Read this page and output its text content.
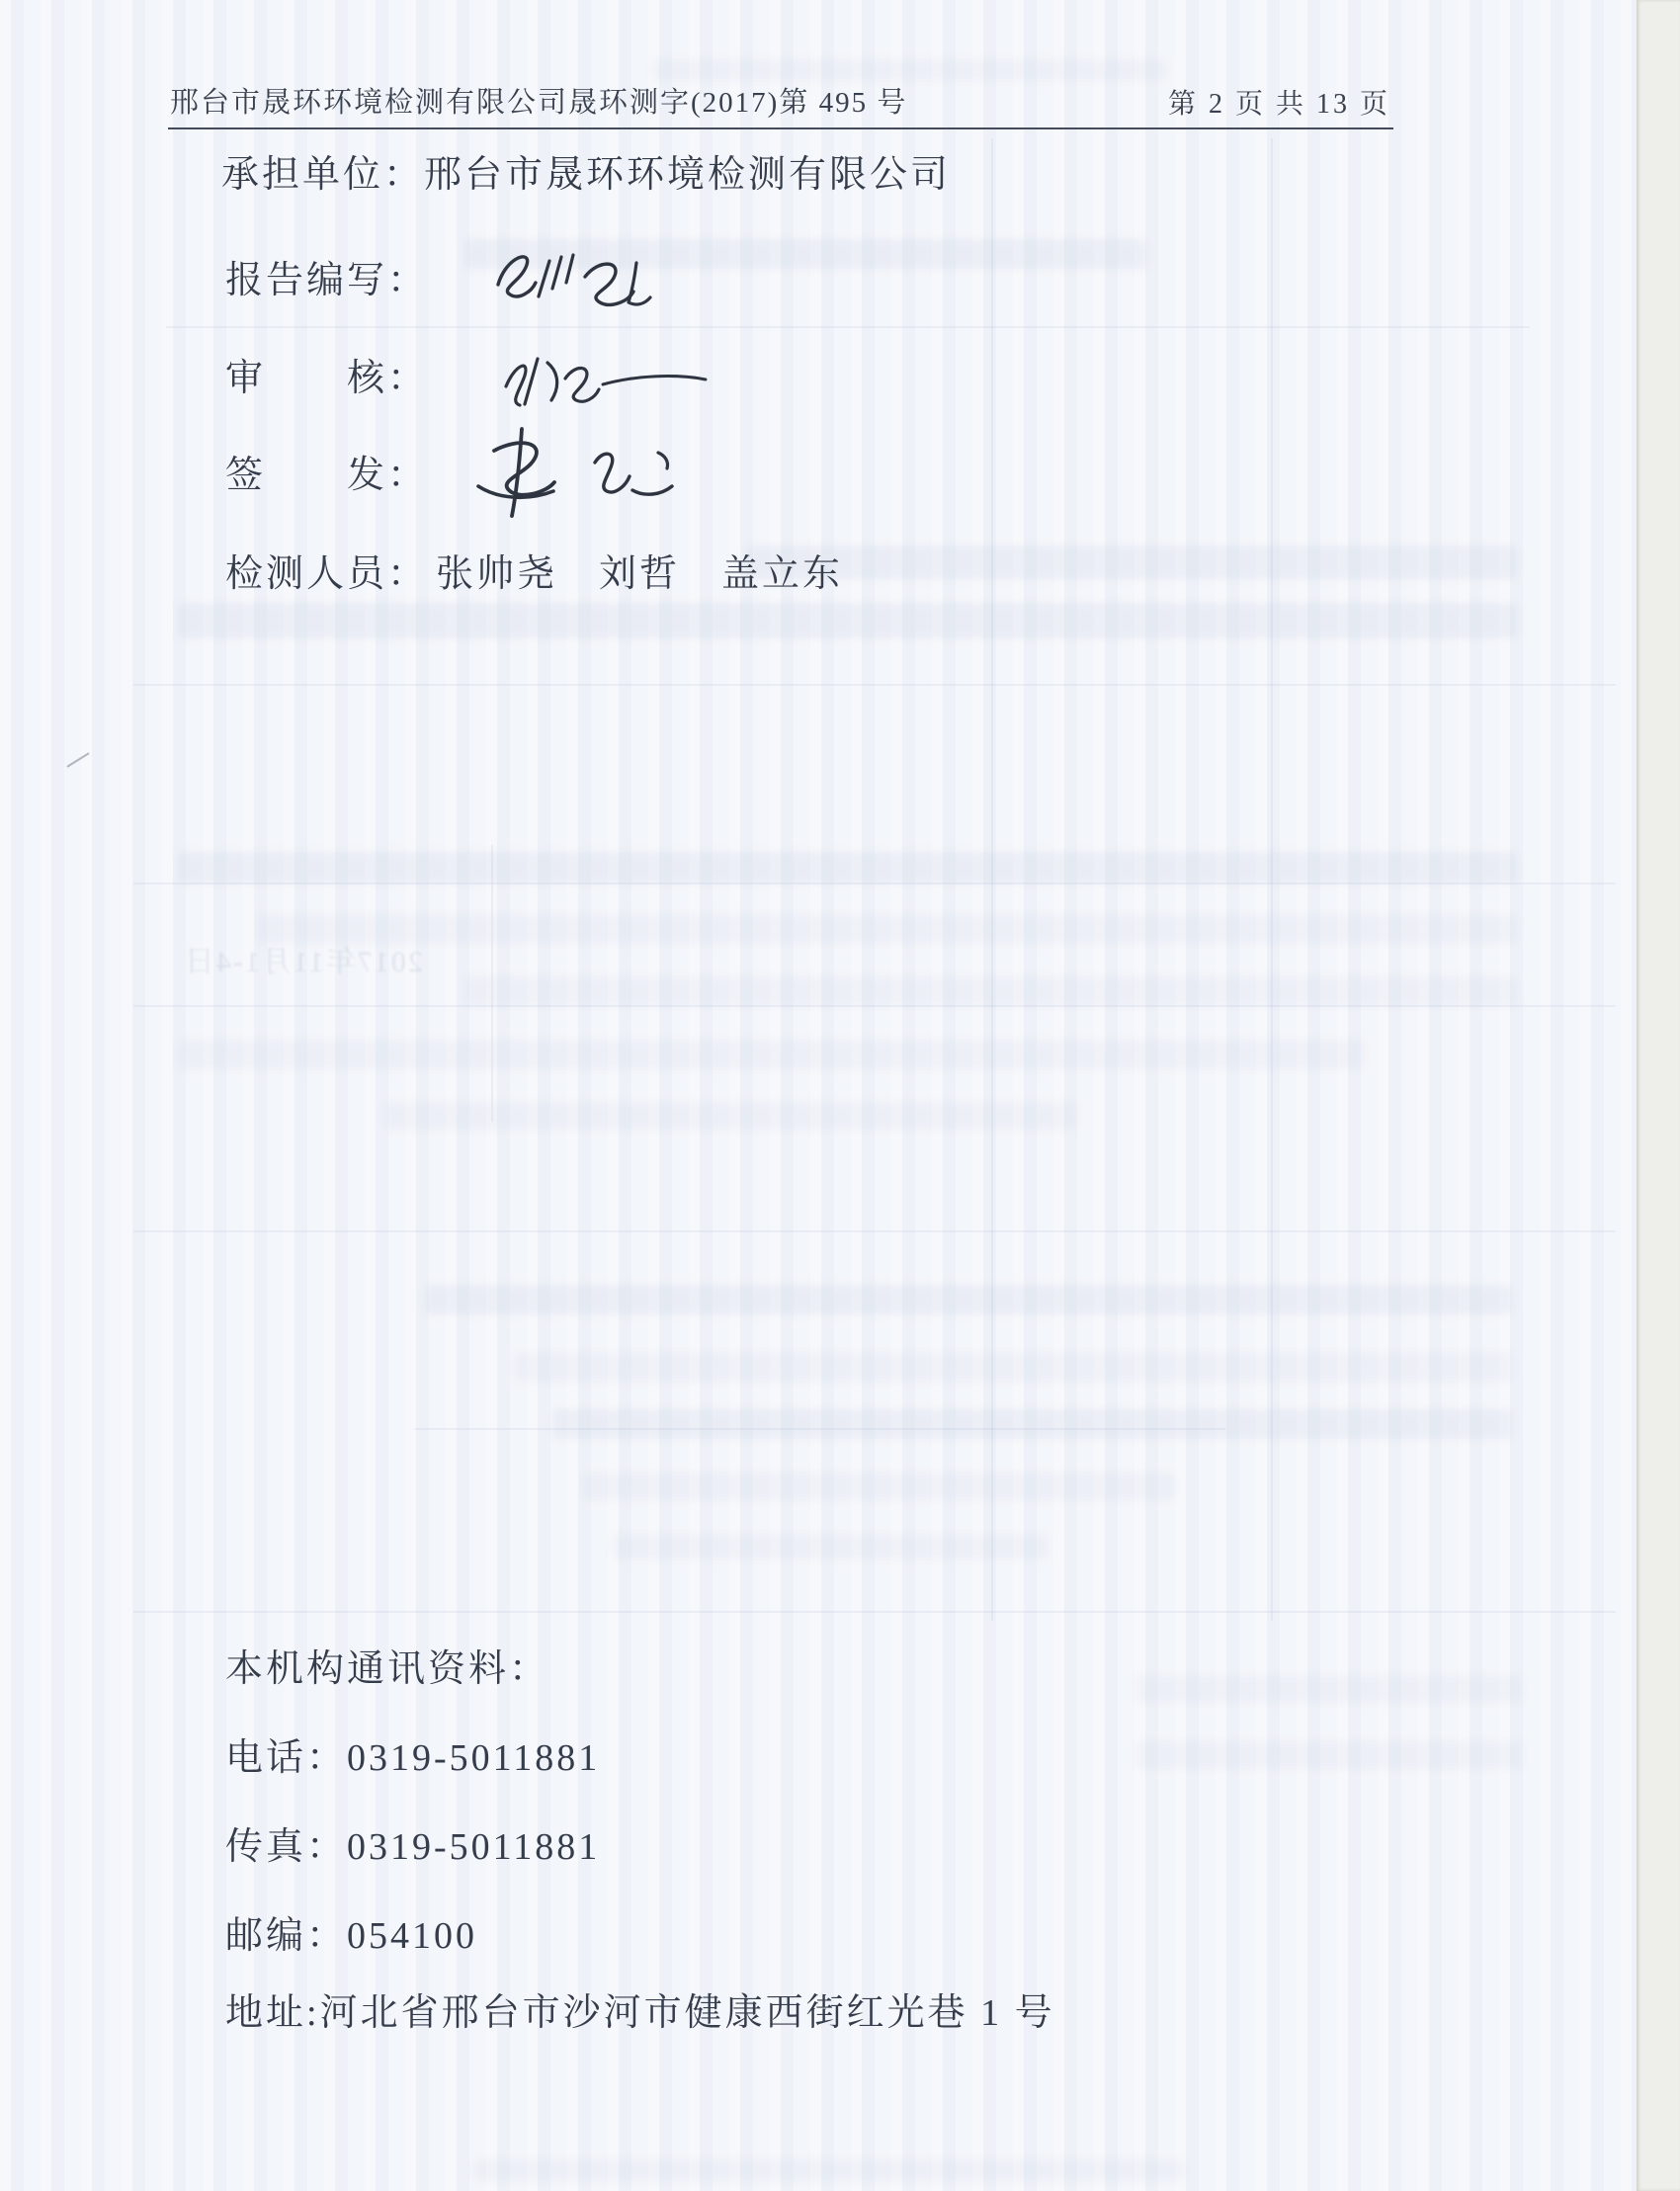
2017年11月1-4日
邢台市晟环环境检测有限公司晟环测字(2017)第 495 号	第 2 页 共 13 页
承担单位：邢台市晟环环境检测有限公司
报告编写：
审　　核：
签　　发：
检测人员： 张帅尧 刘哲 盖立东
本机构通讯资料：
电话：0319-5011881
传真：0319-5011881
邮编：054100
地址:河北省邢台市沙河市健康西街红光巷 1 号
